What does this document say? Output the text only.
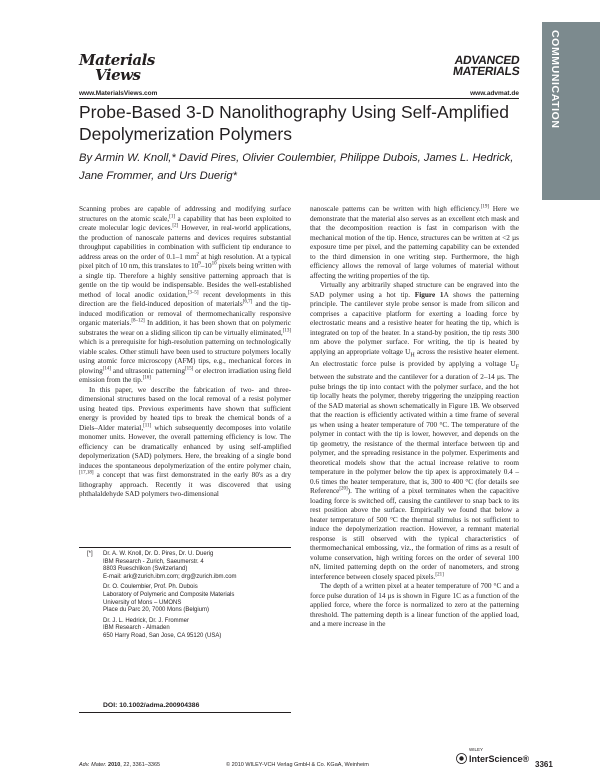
Materials
Views
www.MaterialsViews.com
ADVANCED
MATERIALS
www.advmat.de	COMMUNICATION
Probe-Based 3-D Nanolithography Using Self-Amplified Depolymerization Polymers
By Armin W. Knoll,* David Pires, Olivier Coulembier, Philippe Dubois, James L. Hedrick, Jane Frommer, and Urs Duerig*

Scanning probes are capable of addressing and modifying surface structures on the atomic scale,[1] a capability that has been exploited to create molecular logic devices.[2] However, in real-world applications, the production of nanoscale patterns and devices requires substantial throughput capabilities in combination with sufficient tip endurance to address areas on the order of 0.1–1 $mm^2$ at high resolution. At a typical pixel pitch of 10 nm, this translates to $10^9-10^{10}$ pixels being written with a single tip. Therefore a highly sensitive patterning approach that is gentle on the tip would be indispensable. Besides the well-established method of local anodic oxidation,[3–5] recent developments in this direction are the field-induced deposition of materials[6,7] and the tip-induced modification or removal of thermomechanically responsive organic materials.[8–12] In addition, it has been shown that on polymeric substrates the wear on a sliding silicon tip can be virtually eliminated,[13] which is a prerequisite for high-resolution patterning on technologically viable scales. Other stimuli have been used to structure polymers locally using atomic force microscopy (AFM) tips, e.g., mechanical forces in plowing[14] and ultrasonic patterning[15] or electron irradiation using field emission from the tip.[16]

In this paper, we describe the fabrication of two- and three-dimensional structures based on the local removal of a resist polymer using heated tips. Previous experiments have shown that sufficient energy is provided by heated tips to break the chemical bonds of a Diels–Alder material,[11] which subsequently decomposes into volatile monomer units. However, the overall patterning efficiency is low. The efficiency can be dramatically enhanced by using self-amplified depolymerization (SAD) polymers. Here, the breaking of a single bond induces the spontaneous depolymerization of the entire polymer chain,[17,18] a concept that was first demonstrated in the early 80's as a dry lithography approach. Recently it was discovered that using phthalaldehyde SAD polymers two-dimensional

nanoscale patterns can be written with high efficiency.[19] Here we demonstrate that the material also serves as an excellent etch mask and that the decomposition reaction is fast in comparison with the mechanical motion of the tip. Hence, structures can be written at <2 µs exposure time per pixel, and the patterning capability can be extended to the third dimension in one writing step. Furthermore, the high efficiency allows the removal of large volumes of material without affecting the writing properties of the tip.

Virtually any arbitrarily shaped structure can be engraved into the SAD polymer using a hot tip. Figure 1A shows the patterning principle. The cantilever style probe sensor is made from silicon and comprises a capacitive platform for exerting a loading force by electrostatic means and a resistive heater for heating the tip, which is integrated on top of the heater. In a stand-by position, the tip rests 300 nm above the polymer surface. For writing, the tip is heated by applying an appropriate voltage $U_H$ across the resistive heater element. An electrostatic force pulse is provided by applying a voltage $U_F$ between the substrate and the cantilever for a duration of 2–14 µs. The pulse brings the tip into contact with the polymer surface, and the hot tip locally heats the polymer, thereby triggering the unzipping reaction of the SAD material as shown schematically in Figure 1B. We observed that the reaction is efficiently activated within a time frame of several µs when using a heater temperature of 700 °C. The temperature of the polymer in contact with the tip is lower, however, and depends on the tip geometry, the resistance of the thermal interface between tip and polymer, and the spreading resistance in the polymer. Experiments and theoretical models show that the actual increase relative to room temperature in the polymer below the tip apex is approximately 0.4 – 0.6 times the heater temperature, that is, 300 to 400 °C (for details see Reference[20]). The writing of a pixel terminates when the capacitive loading force is switched off, causing the cantilever to snap back to its rest position above the surface. Empirically we found that below a heater temperature of 500 °C the thermal stimulus is not sufficient to induce the depolymerization reaction. However, a remnant material response is still observed with the typical characteristics of thermomechanical embossing, viz., the formation of rims as a result of volume conservation, high writing forces on the order of several 100 nN, limited patterning depth on the order of nanometers, and strong interference between closely spaced pixels.[21]

The depth of a written pixel at a heater temperature of 700 °C and a force pulse duration of 14 µs is shown in Figure 1C as a function of the applied force, where the force is normalized to zero at the patterning threshold. The patterning depth is a linear function of the applied load, and a mere increase in the

[*] Dr. A. W. Knoll, Dr. D. Pires, Dr. U. Duerig
IBM Research - Zurich, Saeumerstr. 4
8803 Rueschlikon (Switzerland)
E-mail: ark@zurich.ibm.com; drg@zurich.ibm.com
Dr. O. Coulembier, Prof. Ph. Dubois
Laboratory of Polymeric and Composite Materials
University of Mons – UMONS
Place du Parc 20, 7000 Mons (Belgium)
Dr. J. L. Hedrick, Dr. J. Frommer
IBM Research - Almaden
650 Harry Road, San Jose, CA 95120 (USA)
DOI: 10.1002/adma.200904386
Adv. Mater. 2010, 22, 3361–3365	© 2010 WILEY-VCH Verlag GmbH & Co. KGaA, Weinheim
WILEY
InterScience®
3361
